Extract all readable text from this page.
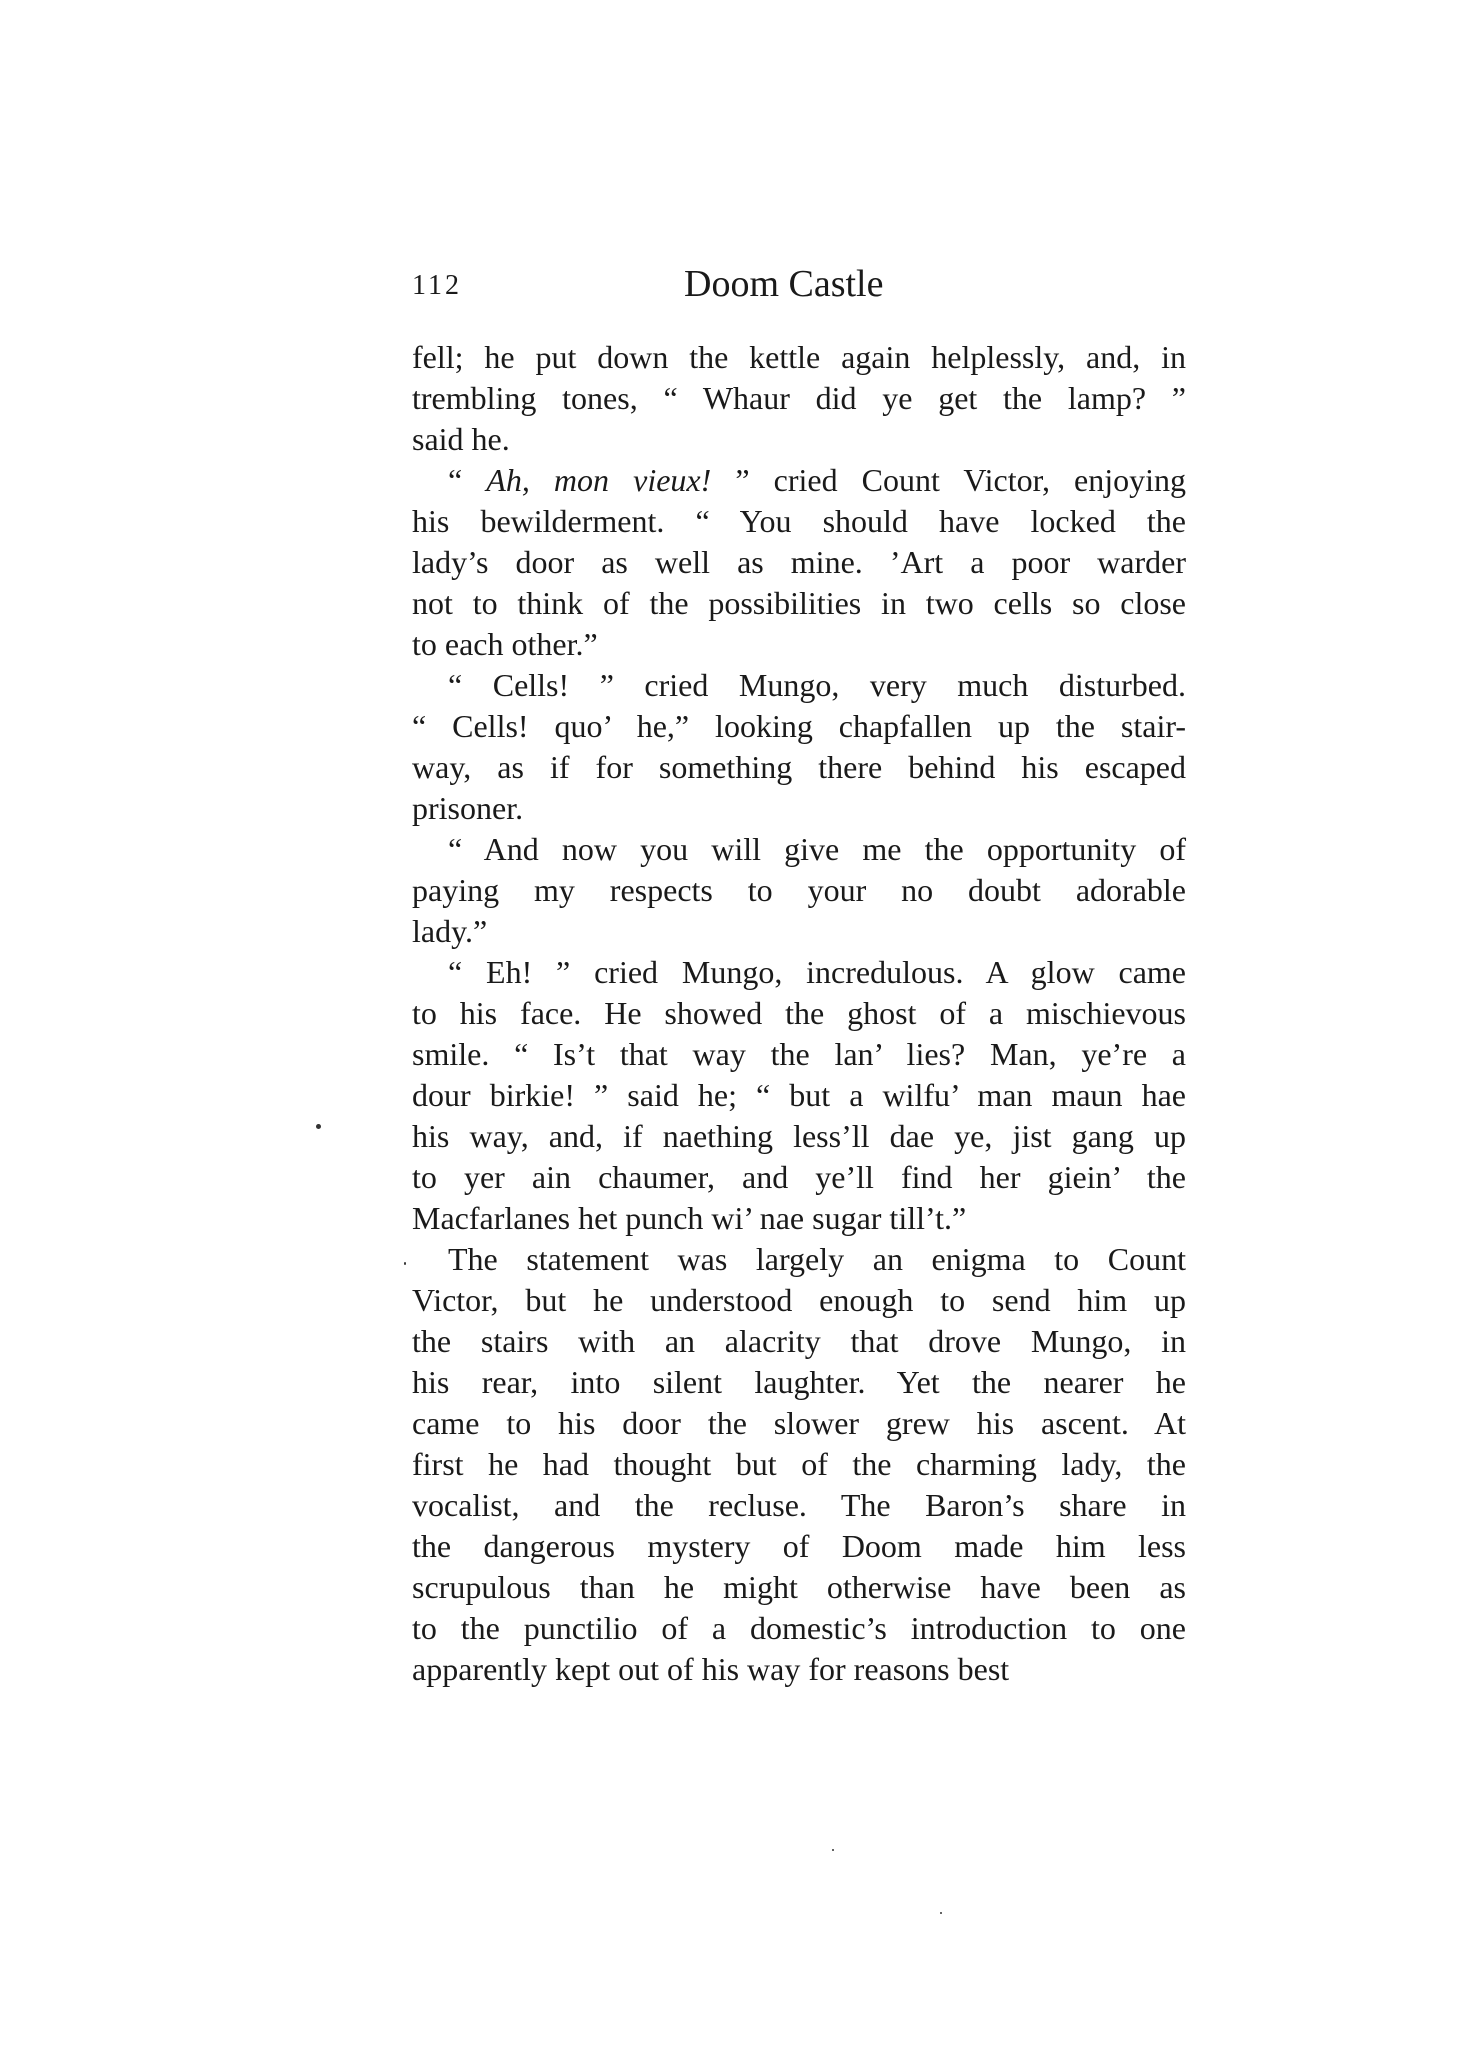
112	Doom Castle
fell; he put down the kettle again helplessly, and, in
trembling tones, “ Whaur did ye get the lamp? ”
said he.
“ Ah, mon vieux! ” cried Count Victor, enjoying
his bewilderment. “ You should have locked the
lady’s door as well as mine. ’Art a poor warder
not to think of the possibilities in two cells so close
to each other.”
“ Cells! ” cried Mungo, very much disturbed.
“ Cells! quo’ he,” looking chapfallen up the stair-
way, as if for something there behind his escaped
prisoner.
“ And now you will give me the opportunity of
paying my respects to your no doubt adorable
lady.”
“ Eh! ” cried Mungo, incredulous. A glow came
to his face. He showed the ghost of a mischievous
smile. “ Is’t that way the lan’ lies? Man, ye’re a
dour birkie! ” said he; “ but a wilfu’ man maun hae
his way, and, if naething less’ll dae ye, jist gang up
to yer ain chaumer, and ye’ll find her giein’ the
Macfarlanes het punch wi’ nae sugar till’t.”
The statement was largely an enigma to Count
Victor, but he understood enough to send him up
the stairs with an alacrity that drove Mungo, in
his rear, into silent laughter. Yet the nearer he
came to his door the slower grew his ascent. At
first he had thought but of the charming lady, the
vocalist, and the recluse. The Baron’s share in
the dangerous mystery of Doom made him less
scrupulous than he might otherwise have been as
to the punctilio of a domestic’s introduction to one
apparently kept out of his way for reasons best
